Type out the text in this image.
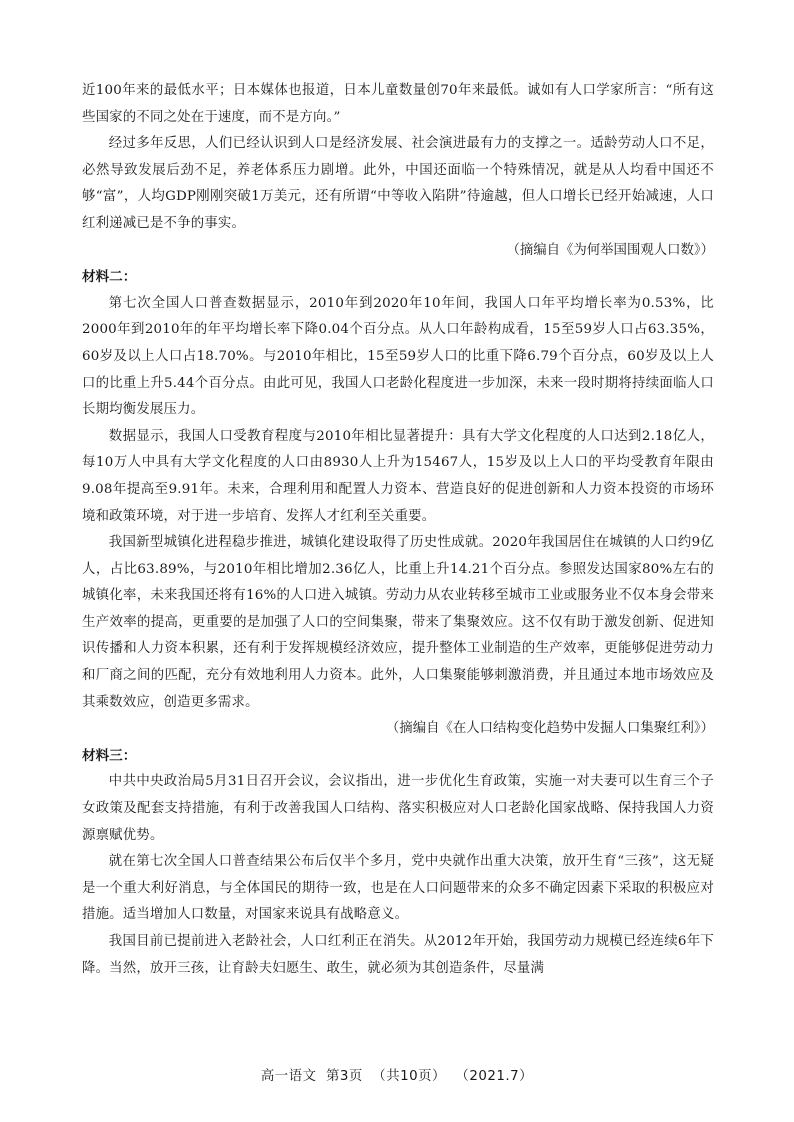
近100年来的最低水平；日本媒体也报道，日本儿童数量创70年来最低。诚如有人口学家所言：“所有这些国家的不同之处在于速度，而不是方向。”

经过多年反思，人们已经认识到人口是经济发展、社会演进最有力的支撑之一。适龄劳动人口不足，必然导致发展后劲不足，养老体系压力剧增。此外，中国还面临一个特殊情况，就是从人均看中国还不够“富”，人均GDP刚刚突破1万美元，还有所谓“中等收入陷阱”待逾越，但人口增长已经开始减速，人口红利递减已是不争的事实。

（摘编自《为何举国围观人口数》）
材料二：

第七次全国人口普查数据显示，2010年到2020年10年间，我国人口年平均增长率为0.53%，比2000年到2010年的年平均增长率下降0.04个百分点。从人口年龄构成看，15至59岁人口占63.35%，60岁及以上人口占18.70%。与2010年相比，15至59岁人口的比重下降6.79个百分点，60岁及以上人口的比重上升5.44个百分点。由此可见，我国人口老龄化程度进一步加深，未来一段时期将持续面临人口长期均衡发展压力。

数据显示，我国人口受教育程度与2010年相比显著提升：具有大学文化程度的人口达到2.18亿人，每10万人中具有大学文化程度的人口由8930人上升为15467人，15岁及以上人口的平均受教育年限由9.08年提高至9.91年。未来，合理利用和配置人力资本、营造良好的促进创新和人力资本投资的市场环境和政策环境，对于进一步培育、发挥人才红利至关重要。

我国新型城镇化进程稳步推进，城镇化建设取得了历史性成就。2020年我国居住在城镇的人口约9亿人，占比63.89%，与2010年相比增加2.36亿人，比重上升14.21个百分点。参照发达国家80%左右的城镇化率，未来我国还将有16%的人口进入城镇。劳动力从农业转移至城市工业或服务业不仅本身会带来生产效率的提高，更重要的是加强了人口的空间集聚，带来了集聚效应。这不仅有助于激发创新、促进知识传播和人力资本积累，还有利于发挥规模经济效应，提升整体工业制造的生产效率，更能够促进劳动力和厂商之间的匹配，充分有效地利用人力资本。此外，人口集聚能够刺激消费，并且通过本地市场效应及其乘数效应，创造更多需求。

（摘编自《在人口结构变化趋势中发掘人口集聚红利》）
材料三：

中共中央政治局5月31日召开会议，会议指出，进一步优化生育政策，实施一对夫妻可以生育三个子女政策及配套支持措施，有利于改善我国人口结构、落实积极应对人口老龄化国家战略、保持我国人力资源禀赋优势。

就在第七次全国人口普查结果公布后仅半个多月，党中央就作出重大决策，放开生育“三孩”，这无疑是一个重大利好消息，与全体国民的期待一致，也是在人口问题带来的众多不确定因素下采取的积极应对措施。适当增加人口数量，对国家来说具有战略意义。

我国目前已提前进入老龄社会，人口红利正在消失。从2012年开始，我国劳动力规模已经连续6年下降。当然，放开三孩，让育龄夫妇愿生、敢生，就必须为其创造条件，尽量满

高一语文  第3页  （共10页）  （2021.7）
